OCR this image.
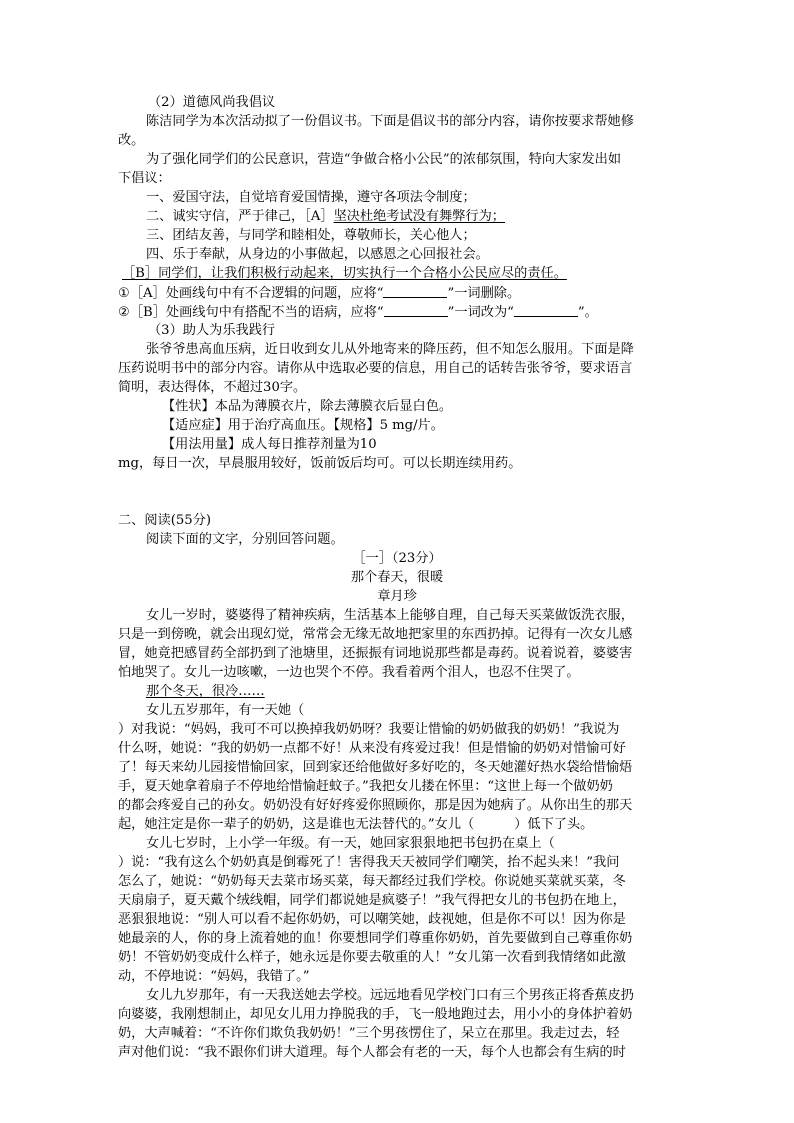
（2）道德风尚我倡议
陈洁同学为本次活动拟了一份倡议书。下面是倡议书的部分内容，请你按要求帮她修
改。
为了强化同学们的公民意识，营造“争做合格小公民”的浓郁氛围，特向大家发出如
下倡议：
一、爱国守法，自觉培育爱国情操，遵守各项法令制度；
二、诚实守信，严于律己，［A］坚决杜绝考试没有舞弊行为；
三、团结友善，与同学和睦相处，尊敬师长，关心他人；
四、乐于奉献，从身边的小事做起，以感恩之心回报社会。
［B］同学们，让我们积极行动起来，切实执行一个合格小公民应尽的责任。
①［A］处画线句中有不合逻辑的问题，应将“	”一词删除。
②［B］处画线句中有搭配不当的语病，应将“	”一词改为“	”。
（3）助人为乐我践行
张爷爷患高血压病，近日收到女儿从外地寄来的降压药，但不知怎么服用。下面是降
压药说明书中的部分内容。请你从中选取必要的信息，用自己的话转告张爷爷，要求语言
简明，表达得体，不超过30字。
【性状】本品为薄膜衣片，除去薄膜衣后显白色。
【适应症】用于治疗高血压。【规格】5 mg/片。
【用法用量】成人每日推荐剂量为10
mg，每日一次，早晨服用较好，饭前饭后均可。可以长期连续用药。
二、阅读(55分)
阅读下面的文字，分别回答问题。
［一］（23分）
那个春天，很暖
章月珍
女儿一岁时，婆婆得了精神疾病，生活基本上能够自理，自己每天买菜做饭洗衣服，
只是一到傍晚，就会出现幻觉，常常会无缘无故地把家里的东西扔掉。记得有一次女儿感
冒，她竟把感冒药全部扔到了池塘里，还振振有词地说那些都是毒药。说着说着，婆婆害
怕地哭了。女儿一边咳嗽，一边也哭个不停。我看着两个泪人，也忍不住哭了。
那个冬天，很冷……
女儿五岁那年，有一天她（
）对我说：“妈妈，我可不可以换掉我奶奶呀？我要让惜愉的奶奶做我的奶奶！”我说为
什么呀，她说：“我的奶奶一点都不好！从来没有疼爱过我！但是惜愉的奶奶对惜愉可好
了！每天来幼儿园接惜愉回家，回到家还给他做好多好吃的，冬天她灌好热水袋给惜愉焐
手，夏天她拿着扇子不停地给惜愉赶蚊子。”我把女儿搂在怀里：“这世上每一个做奶奶
的都会疼爱自己的孙女。奶奶没有好好疼爱你照顾你，那是因为她病了。从你出生的那天
起，她注定是你一辈子的奶奶，这是谁也无法替代的。”女儿（	）低下了头。
女儿七岁时，上小学一年级。有一天，她回家狠狠地把书包扔在桌上（
）说：“我有这么个奶奶真是倒霉死了！害得我天天被同学们嘲笑，抬不起头来！”我问
怎么了，她说：“奶奶每天去菜市场买菜，每天都经过我们学校。你说她买菜就买菜，冬
天扇扇子，夏天戴个绒线帽，同学们都说她是疯婆子！”我气得把女儿的书包扔在地上，
恶狠狠地说：“别人可以看不起你奶奶，可以嘲笑她，歧视她，但是你不可以！因为你是
她最亲的人，你的身上流着她的血！你要想同学们尊重你奶奶，首先要做到自己尊重你奶
奶！不管奶奶变成什么样子，她永远是你要去敬重的人！”女儿第一次看到我情绪如此激
动，不停地说：“妈妈，我错了。”
女儿九岁那年，有一天我送她去学校。远远地看见学校门口有三个男孩正将香蕉皮扔
向婆婆，我刚想制止，却见女儿用力挣脱我的手，飞一般地跑过去，用小小的身体护着奶
奶，大声喊着：“不许你们欺负我奶奶！”三个男孩愣住了，呆立在那里。我走过去，轻
声对他们说：“我不跟你们讲大道理。每个人都会有老的一天，每个人也都会有生病的时
